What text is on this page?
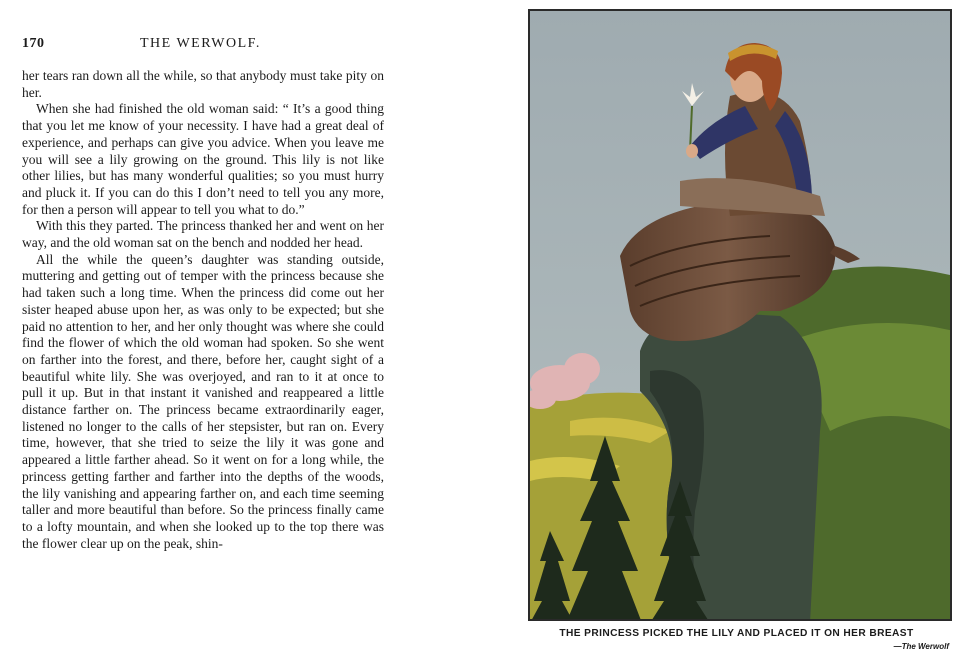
170	THE WERWOLF.

her tears ran down all the while, so that anybody must take pity on her.

When she had finished the old woman said: “ It’s a good thing that you let me know of your necessity. I have had a great deal of experience, and perhaps can give you advice. When you leave me you will see a lily growing on the ground. This lily is not like other lilies, but has many wonderful qualities; so you must hurry and pluck it. If you can do this I don’t need to tell you any more, for then a person will appear to tell you what to do.”

With this they parted. The princess thanked her and went on her way, and the old woman sat on the bench and nodded her head.

All the while the queen’s daughter was standing outside, muttering and getting out of temper with the princess because she had taken such a long time. When the princess did come out her sister heaped abuse upon her, as was only to be expected; but she paid no attention to her, and her only thought was where she could find the flower of which the old woman had spoken. So she went on farther into the forest, and there, before her, caught sight of a beautiful white lily. She was overjoyed, and ran to it at once to pull it up. But in that instant it vanished and reappeared a little distance farther on. The princess became extraordinarily eager, listened no longer to the calls of her stepsister, but ran on. Every time, however, that she tried to seize the lily it was gone and appeared a little farther ahead. So it went on for a long while, the princess getting farther and farther into the depths of the woods, the lily vanishing and appearing farther on, and each time seeming taller and more beautiful than before. So the princess finally came to a lofty mountain, and when she looked up to the top there was the flower clear up on the peak, shin-

THE PRINCESS PICKED THE LILY AND PLACED IT ON HER BREAST
—The Werwolf
